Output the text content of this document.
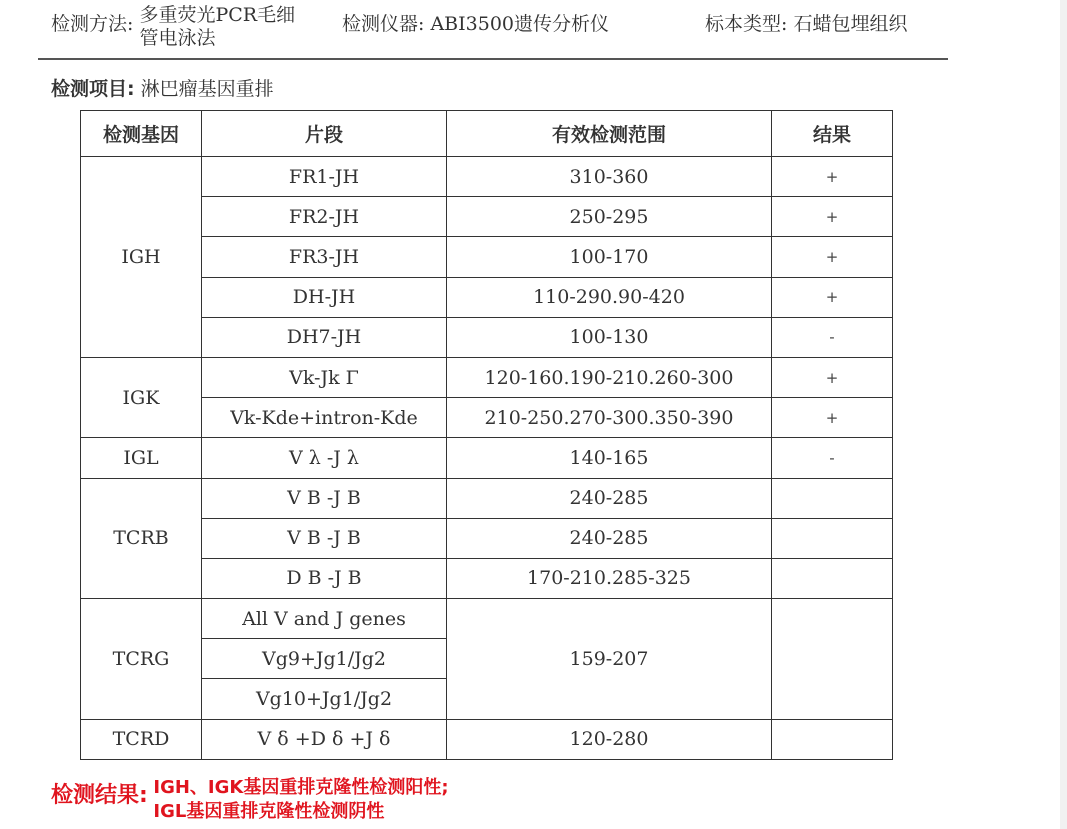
检测方法: 多重荧光PCR毛细
管电泳法
检测仪器: ABI3500遗传分析仪	标本类型: 石蜡包埋组织
检测项目: 淋巴瘤基因重排
检测基因	片段	有效检测范围	结果
IGH	FR1-JH	310-360	+
	FR2-JH	250-295	+
	FR3-JH	100-170	+
	DH-JH	110-290.90-420	+
	DH7-JH	100-130	-
IGK	Vk-Jk Γ	120-160.190-210.260-300	+
	Vk-Kde+intron-Kde	210-250.270-300.350-390	+
IGL	V λ -J λ	140-165	-
TCRB	V B -J B	240-285	
	V B -J B	240-285	
	D B -J B	170-210.285-325	
TCRG	All V and J genes	159-207	
	Vg9+Jg1/Jg2		
	Vg10+Jg1/Jg2		
TCRD	V δ +D δ +J δ	120-280	
检测结果: IGH、IGK基因重排克隆性检测阳性;
IGL基因重排克隆性检测阴性
